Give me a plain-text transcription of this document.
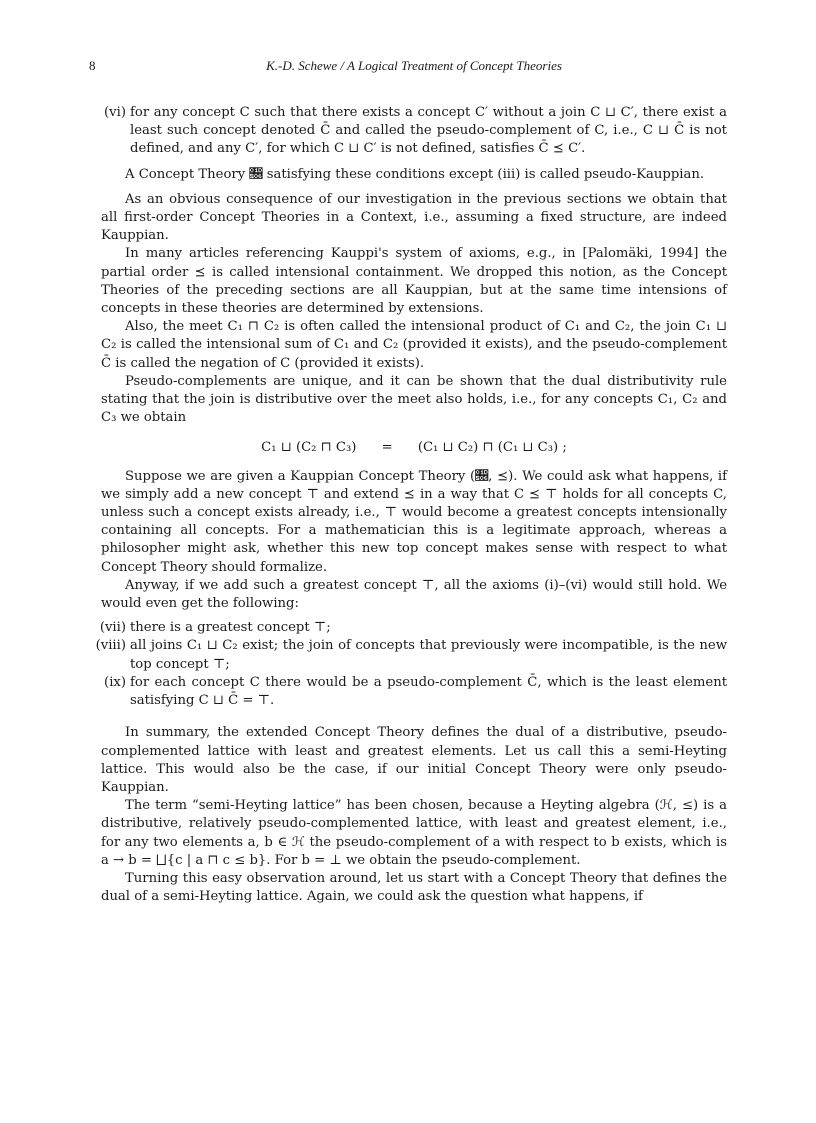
8	K.-D. Schewe / A Logical Treatment of Concept Theories
(vi) for any concept C such that there exists a concept C′ without a join C ⊔ C′, there exist a least such concept denoted C̄ and called the pseudo-complement of C, i.e., C ⊔ C̄ is not defined, and any C′, for which C ⊔ C′ is not defined, satisfies C̄ ⪯ C′.

A Concept Theory 𝔆 satisfying these conditions except (iii) is called pseudo-Kauppian.

As an obvious consequence of our investigation in the previous sections we obtain that all first-order Concept Theories in a Context, i.e., assuming a fixed structure, are indeed Kauppian.

In many articles referencing Kauppi's system of axioms, e.g., in [Palomäki, 1994] the partial order ⪯ is called intensional containment. We dropped this notion, as the Concept Theories of the preceding sections are all Kauppian, but at the same time intensions of concepts in these theories are determined by extensions.

Also, the meet C₁ ⊓ C₂ is often called the intensional product of C₁ and C₂, the join C₁ ⊔ C₂ is called the intensional sum of C₁ and C₂ (provided it exists), and the pseudo-complement C̄ is called the negation of C (provided it exists).

Pseudo-complements are unique, and it can be shown that the dual distributivity rule stating that the join is distributive over the meet also holds, i.e., for any concepts C₁, C₂ and C₃ we obtain

C₁ ⊔ (C₂ ⊓ C₃) = (C₁ ⊔ C₂) ⊓ (C₁ ⊔ C₃) ;

Suppose we are given a Kauppian Concept Theory (𝔆, ⪯). We could ask what happens, if we simply add a new concept ⊤ and extend ⪯ in a way that C ⪯ ⊤ holds for all concepts C, unless such a concept exists already, i.e., ⊤ would become a greatest concepts intensionally containing all concepts. For a mathematician this is a legitimate approach, whereas a philosopher might ask, whether this new top concept makes sense with respect to what Concept Theory should formalize.

Anyway, if we add such a greatest concept ⊤, all the axioms (i)–(vi) would still hold. We would even get the following:

(vii) there is a greatest concept ⊤;
(viii) all joins C₁ ⊔ C₂ exist; the join of concepts that previously were incompatible, is the new top concept ⊤;
(ix) for each concept C there would be a pseudo-complement C̄, which is the least element satisfying C ⊔ C̄ = ⊤.

In summary, the extended Concept Theory defines the dual of a distributive, pseudo-complemented lattice with least and greatest elements. Let us call this a semi-Heyting lattice. This would also be the case, if our initial Concept Theory were only pseudo-Kauppian.

The term “semi-Heyting lattice” has been chosen, because a Heyting algebra (ℋ, ≤) is a distributive, relatively pseudo-complemented lattice, with least and greatest element, i.e., for any two elements a, b ∈ ℋ the pseudo-complement of a with respect to b exists, which is a → b = ⨆{c | a ⊓ c ≤ b}. For b = ⊥ we obtain the pseudo-complement.

Turning this easy observation around, let us start with a Concept Theory that defines the dual of a semi-Heyting lattice. Again, we could ask the question what happens, if
